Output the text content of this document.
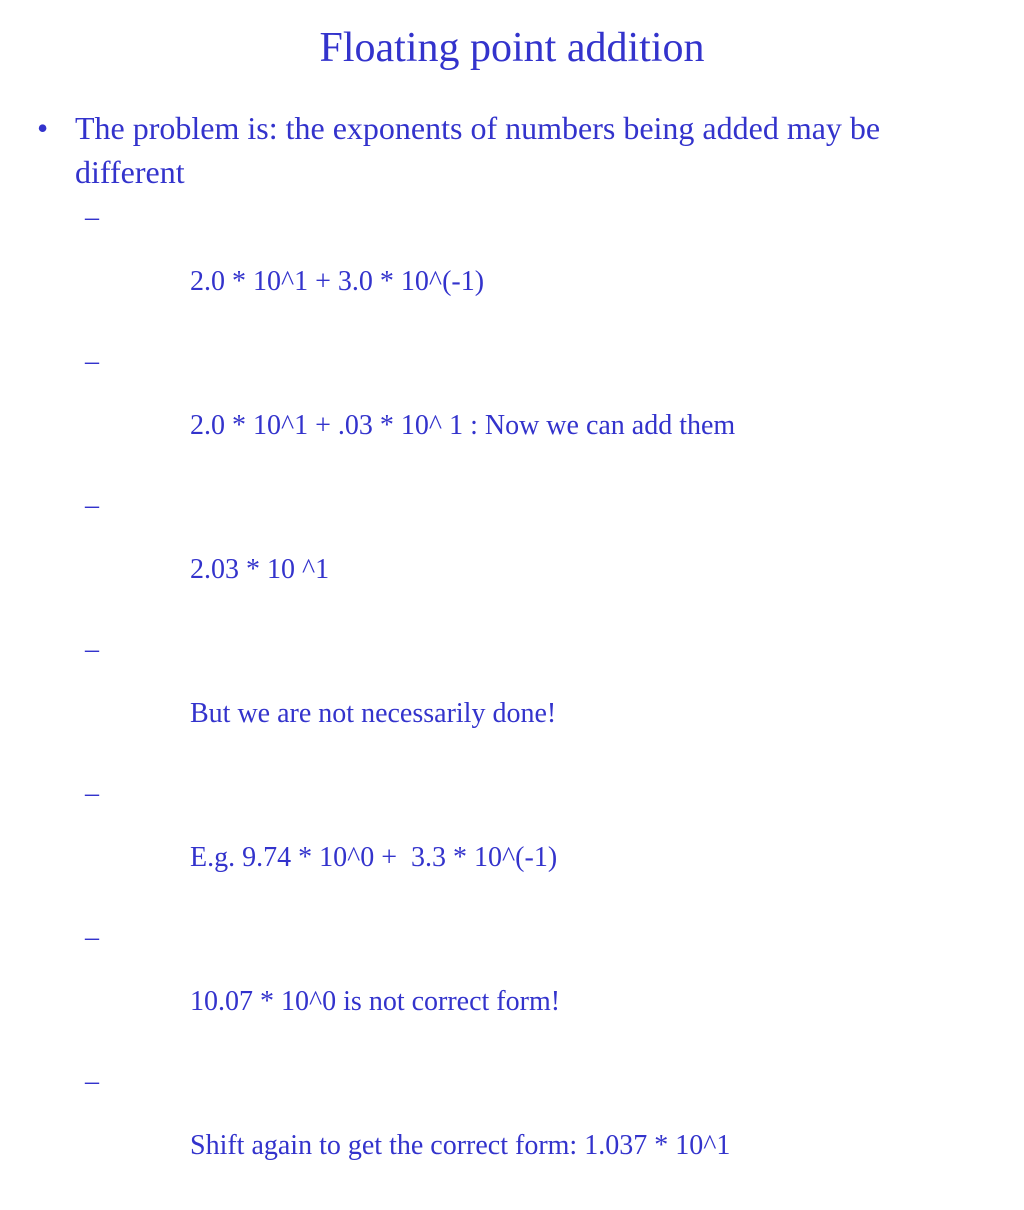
Floating point addition
• The problem is: the exponents of numbers being added may be different

–

2.0 * 10^1 + 3.0 * 10^(-1)

–

2.0 * 10^1 + .03 * 10^ 1 : Now we can add them

–

2.03 * 10 ^1

–

But we are not necessarily done!

–

E.g. 9.74 * 10^0 +  3.3 * 10^(-1)

–

10.07 * 10^0 is not correct form!

–

Shift again to get the correct form: 1.037 * 10^1
